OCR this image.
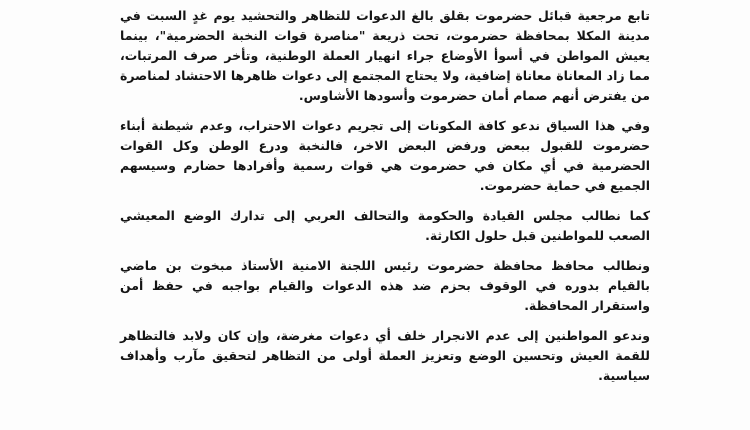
تابع مرجعية قبائل حضرموت بقلق بالغ الدعوات للتظاهر والتحشيد يوم غدٍ السبت في مدينة المكلا بمحافظة حضرموت، تحت ذريعة "مناصرة قوات النخبة الحضرمية"، بينما يعيش المواطن في أسوأ الأوضاع جراء انهيار العملة الوطنية، وتأخر صرف المرتبات، مما زاد المعاناة معاناة إضافية، ولا يحتاج المجتمع إلى دعوات ظاهرها الاحتشاد لمناصرة من يفترض أنهم صمام أمان حضرموت وأسودها الأشاوس.

وفي هذا السياق ندعو كافة المكونات إلى تجريم دعوات الاحتراب، وعدم شيطنة أبناء حضرموت للقبول ببعض ورفض البعض الاخر، فالنخبة ودرع الوطن وكل القوات الحضرمية في أي مكان في حضرموت هي قوات رسمية وأفرادها حضارم وسيسهم الجميع في حماية حضرموت.

كما نطالب مجلس القيادة والحكومة والتحالف العربي إلى تدارك الوضع المعيشي الصعب للمواطنين قبل حلول الكارثة.

ونطالب محافظ محافظة حضرموت رئيس اللجنة الامنية الأستاذ مبخوت بن ماضي بالقيام بدوره في الوقوف بحزم ضد هذه الدعوات والقيام بواجبه في حفظ أمن واستقرار المحافظة.

وندعو المواطنين إلى عدم الانجرار خلف أي دعوات مغرضة، وإن كان ولابد فالتظاهر للقمة العيش وتحسين الوضع وتعزيز العملة أولى من التظاهر لتحقيق مآرب وأهداف سياسية.
